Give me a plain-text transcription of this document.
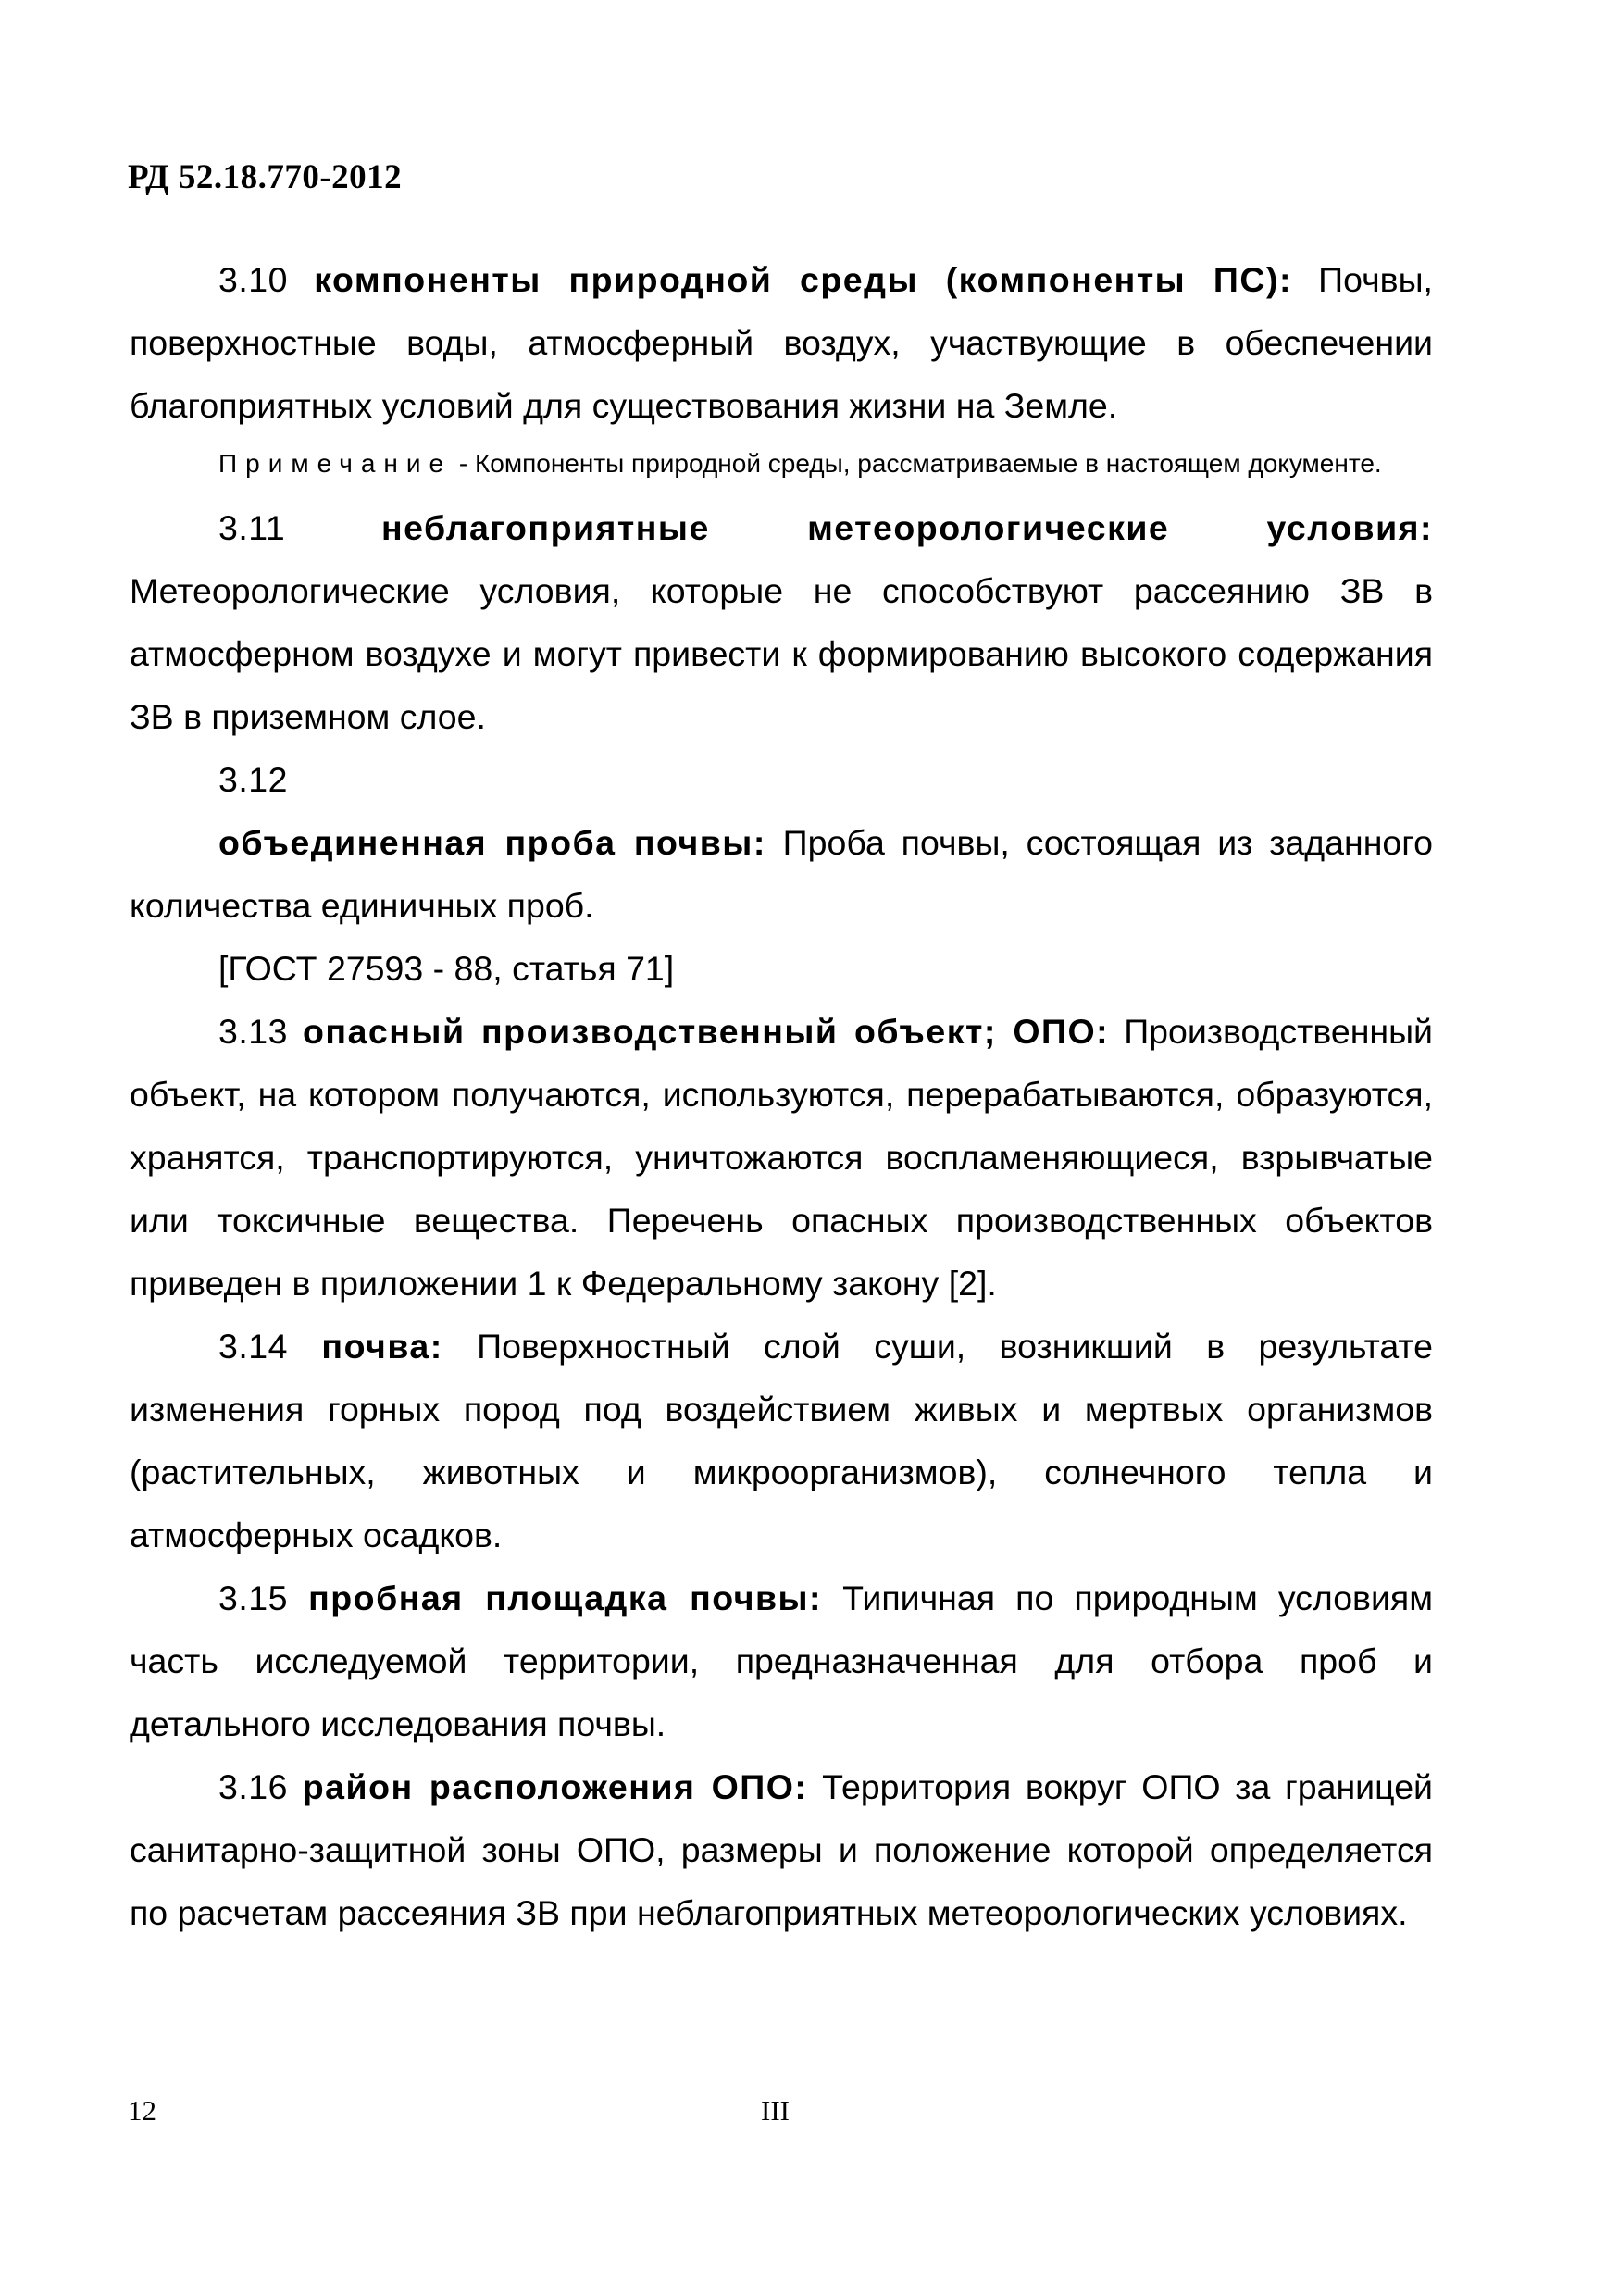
РД 52.18.770-2012

3.10 компоненты природной среды (компоненты ПС): Почвы, поверхностные воды, атмосферный воздух, участвующие в обеспечении благоприятных условий для существования жизни на Земле.

Примечание - Компоненты природной среды, рассматриваемые в настоящем документе.

3.11	неблагоприятные метеорологические условия: Метеорологические условия, которые не способствуют рассеянию ЗВ в атмосферном воздухе и могут привести к формированию высокого содержания ЗВ в приземном слое.

3.12

объединенная проба почвы: Проба почвы, состоящая из заданного количества единичных проб.

[ГОСТ 27593 - 88, статья 71]

3.13 опасный производственный объект; ОПО: Производственный объект, на котором получаются, используются, перерабатываются, образуются, хранятся, транспортируются, уничтожаются воспламеняющиеся, взрывчатые или токсичные вещества. Перечень опасных производственных объектов приведен в приложении 1 к Федеральному закону [2].

3.14 почва: Поверхностный слой суши, возникший в результате изменения горных пород под воздействием живых и мертвых организмов (растительных, животных и микроорганизмов), солнечного тепла и атмосферных осадков.

3.15 пробная площадка почвы: Типичная по природным условиям часть исследуемой территории, предназначенная для отбора проб и детального исследования почвы.

3.16 район расположения ОПО: Территория вокруг ОПО за границей санитарно-защитной зоны ОПО, размеры и положение которой определяется по расчетам рассеяния ЗВ при неблагоприятных метеорологических условиях.

12	III
